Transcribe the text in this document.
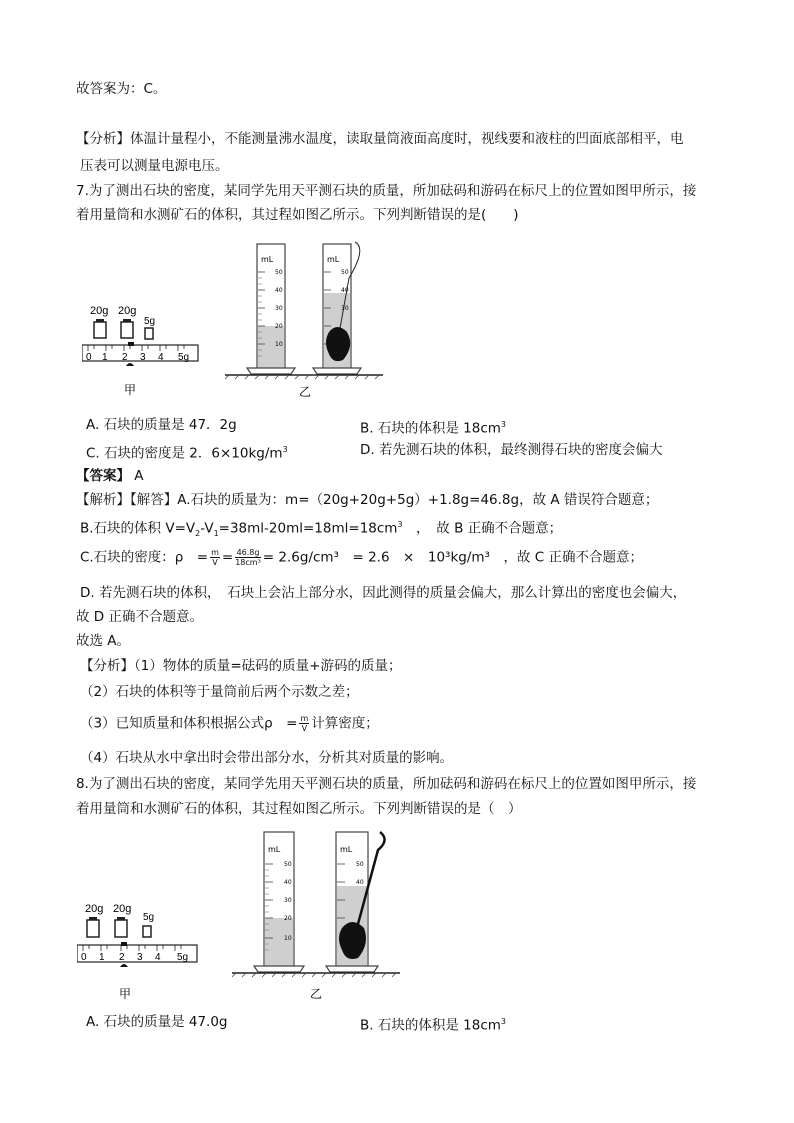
故答案为：C。
【分析】体温计量程小，不能测量沸水温度，读取量筒液面高度时，视线要和液柱的凹面底部相平，电
压表可以测量电源电压。
7.为了测出石块的密度，某同学先用天平测石块的质量，所加砝码和游码在标尺上的位置如图甲所示，接
着用量筒和水测矿石的体积，其过程如图乙所示。下列判断错误的是(　　)
20g 20g
5g
0 1 2 3 4 5g
甲
mL
50
40
30
20
10
mL
50
40
30
乙
A. 石块的质量是 47．2g	B. 石块的体积是 $18cm^3$
C. 石块的密度是 2．$6\times 10kg/m^3$	D. 若先测石块的体积，最终测得石块的密度会偏大
【答案】 A
【解析】【解答】A.石块的质量为：m=（20g+20g+5g）+1.8g=46.8g，故 A 错误符合题意；
B.石块的体积 $V=V_2-V_1=38ml-20ml=18ml=18cm^3$　，　故 B 正确不合题意；
C.石块的密度：ρ　= $\frac{m}{V} = \frac{46.8g}{\text{18cm³}} = 2.6g/cm^3$　= 2.6　×　10³kg/m³　，故 C 正确不合题意；
D. 若先测石块的体积，　石块上会沾上部分水，因此测得的质量会偏大，那么计算出的密度也会偏大，
故 D 正确不合题意。
故选 A。
【分析】（1）物体的质量=砝码的质量+游码的质量；
（2）石块的体积等于量筒前后两个示数之差；
（3）已知质量和体积根据公式ρ　= $\frac{m}{V}$ 计算密度；
（4）石块从水中拿出时会带出部分水，分析其对质量的影响。
8.为了测出石块的密度，某同学先用天平测石块的质量，所加砝码和游码在标尺上的位置如图甲所示，接
着用量筒和水测矿石的体积，其过程如图乙所示。下列判断错误的是（　）
20g 20g
5g
0 1 2 3 4 5g
甲
mL
50
40
30
20
10
mL
50
40
乙
A. 石块的质量是 47.0g	B. 石块的体积是 $18cm^3$
